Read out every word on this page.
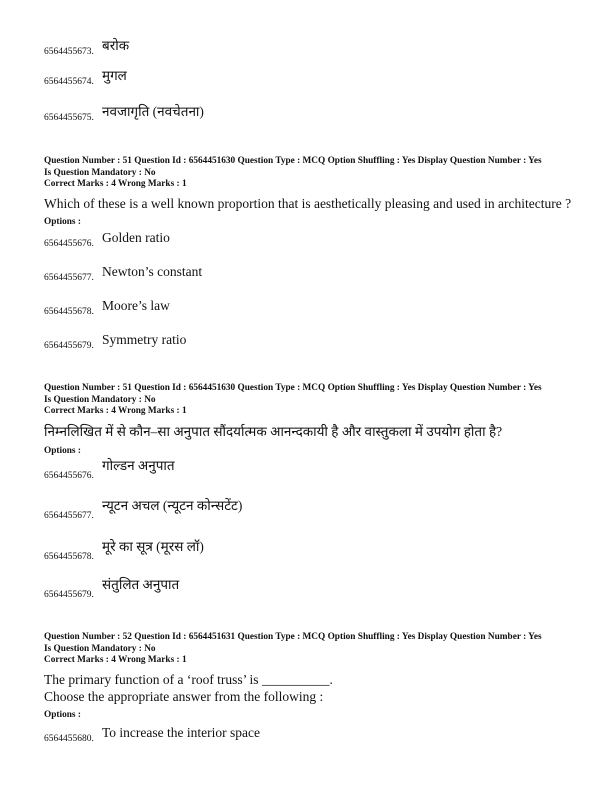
6564455673. बरोक
6564455674. मुगल
6564455675. नवजागृति (नवचेतना)
Question Number : 51 Question Id : 6564451630 Question Type : MCQ Option Shuffling : Yes Display Question Number : Yes
Is Question Mandatory : No
Correct Marks : 4 Wrong Marks : 1
Which of these is a well known proportion that is aesthetically pleasing and used in architecture ?
Options :
6564455676. Golden ratio
6564455677. Newton’s constant
6564455678. Moore’s law
6564455679. Symmetry ratio
Question Number : 51 Question Id : 6564451630 Question Type : MCQ Option Shuffling : Yes Display Question Number : Yes
Is Question Mandatory : No
Correct Marks : 4 Wrong Marks : 1
निम्नलिखित में से कौन–सा अनुपात सौंदर्यात्मक आनन्दकायी है और वास्तुकला में उपयोग होता है?
Options :
6564455676.
गोल्डन अनुपात
6564455677.
न्यूटन अचल (न्यूटन कोन्सटेंट)
6564455678.
मूरे का सूत्र (मूरस लॉ)
6564455679.
संतुलित अनुपात
Question Number : 52 Question Id : 6564451631 Question Type : MCQ Option Shuffling : Yes Display Question Number : Yes
Is Question Mandatory : No
Correct Marks : 4 Wrong Marks : 1
The primary function of a ‘roof truss’ is __________.
Choose the appropriate answer from the following :
Options :
6564455680. To increase the interior space
